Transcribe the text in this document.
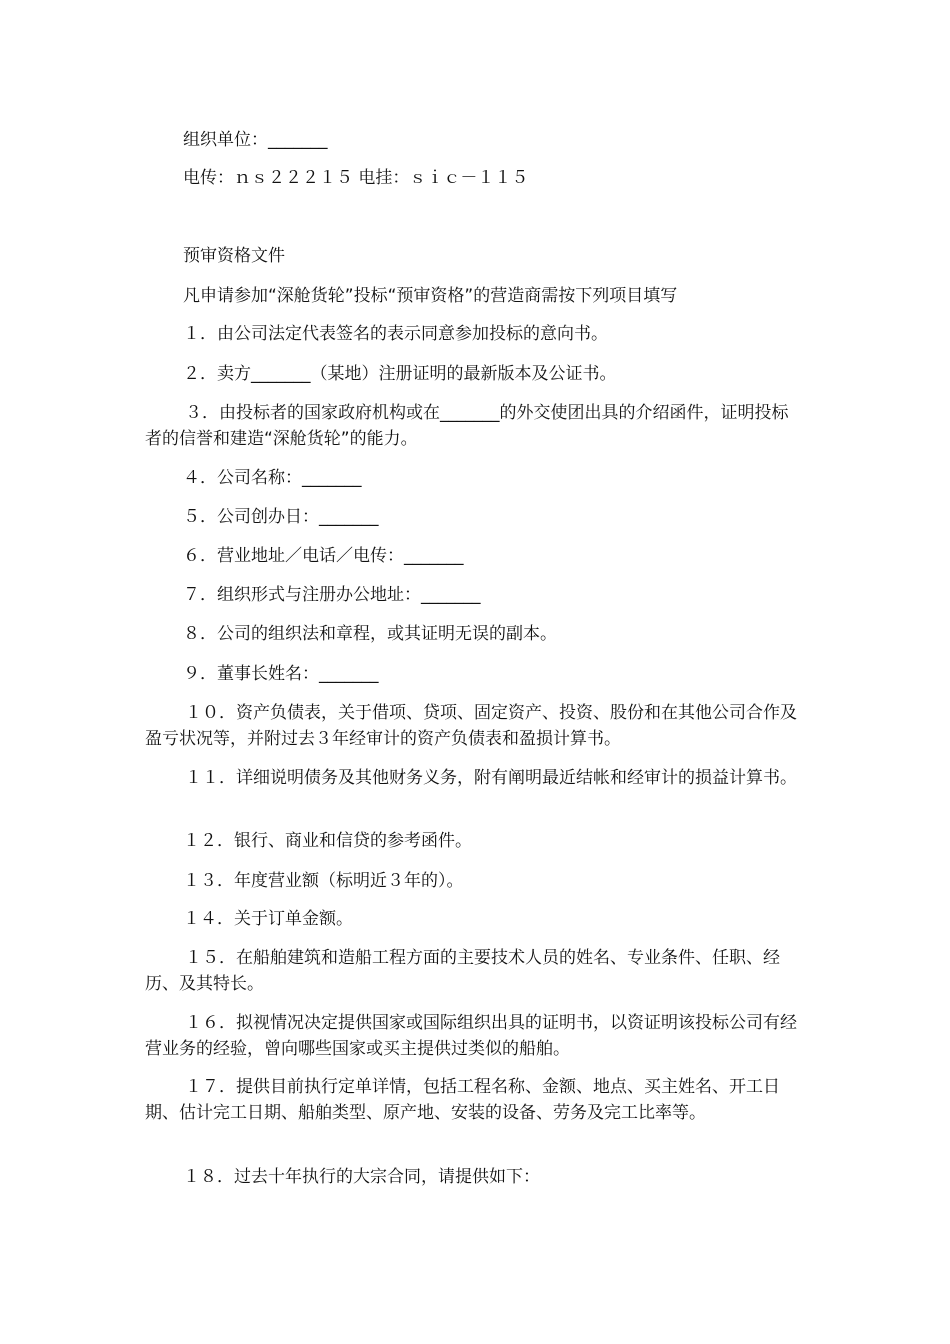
组织单位：_______
电传：ｎｓ２２２１５ 电挂：ｓｉｃ－１１５
预审资格文件
凡申请参加“深舱货轮”投标“预审资格”的营造商需按下列项目填写
１．由公司法定代表签名的表示同意参加投标的意向书。
２．卖方_______（某地）注册证明的最新版本及公证书。
３．由投标者的国家政府机构或在_______的外交使团出具的介绍函件，证明投标者的信誉和建造“深舱货轮”的能力。
４．公司名称：_______
５．公司创办日：_______
６．营业地址／电话／电传：_______
７．组织形式与注册办公地址：_______
８．公司的组织法和章程，或其证明无误的副本。
９．董事长姓名：_______
１０．资产负债表，关于借项、贷项、固定资产、投资、股份和在其他公司合作及盈亏状况等，并附过去３年经审计的资产负债表和盈损计算书。
１１．详细说明债务及其他财务义务，附有阐明最近结帐和经审计的损益计算书。
１２．银行、商业和信贷的参考函件。
１３．年度营业额（标明近３年的）。
１４．关于订单金额。
１５．在船舶建筑和造船工程方面的主要技术人员的姓名、专业条件、任职、经历、及其特长。
１６．拟视情况决定提供国家或国际组织出具的证明书，以资证明该投标公司有经营业务的经验，曾向哪些国家或买主提供过类似的船舶。
１７．提供目前执行定单详情，包括工程名称、金额、地点、买主姓名、开工日期、估计完工日期、船舶类型、原产地、安装的设备、劳务及完工比率等。
１８．过去十年执行的大宗合同，请提供如下：
